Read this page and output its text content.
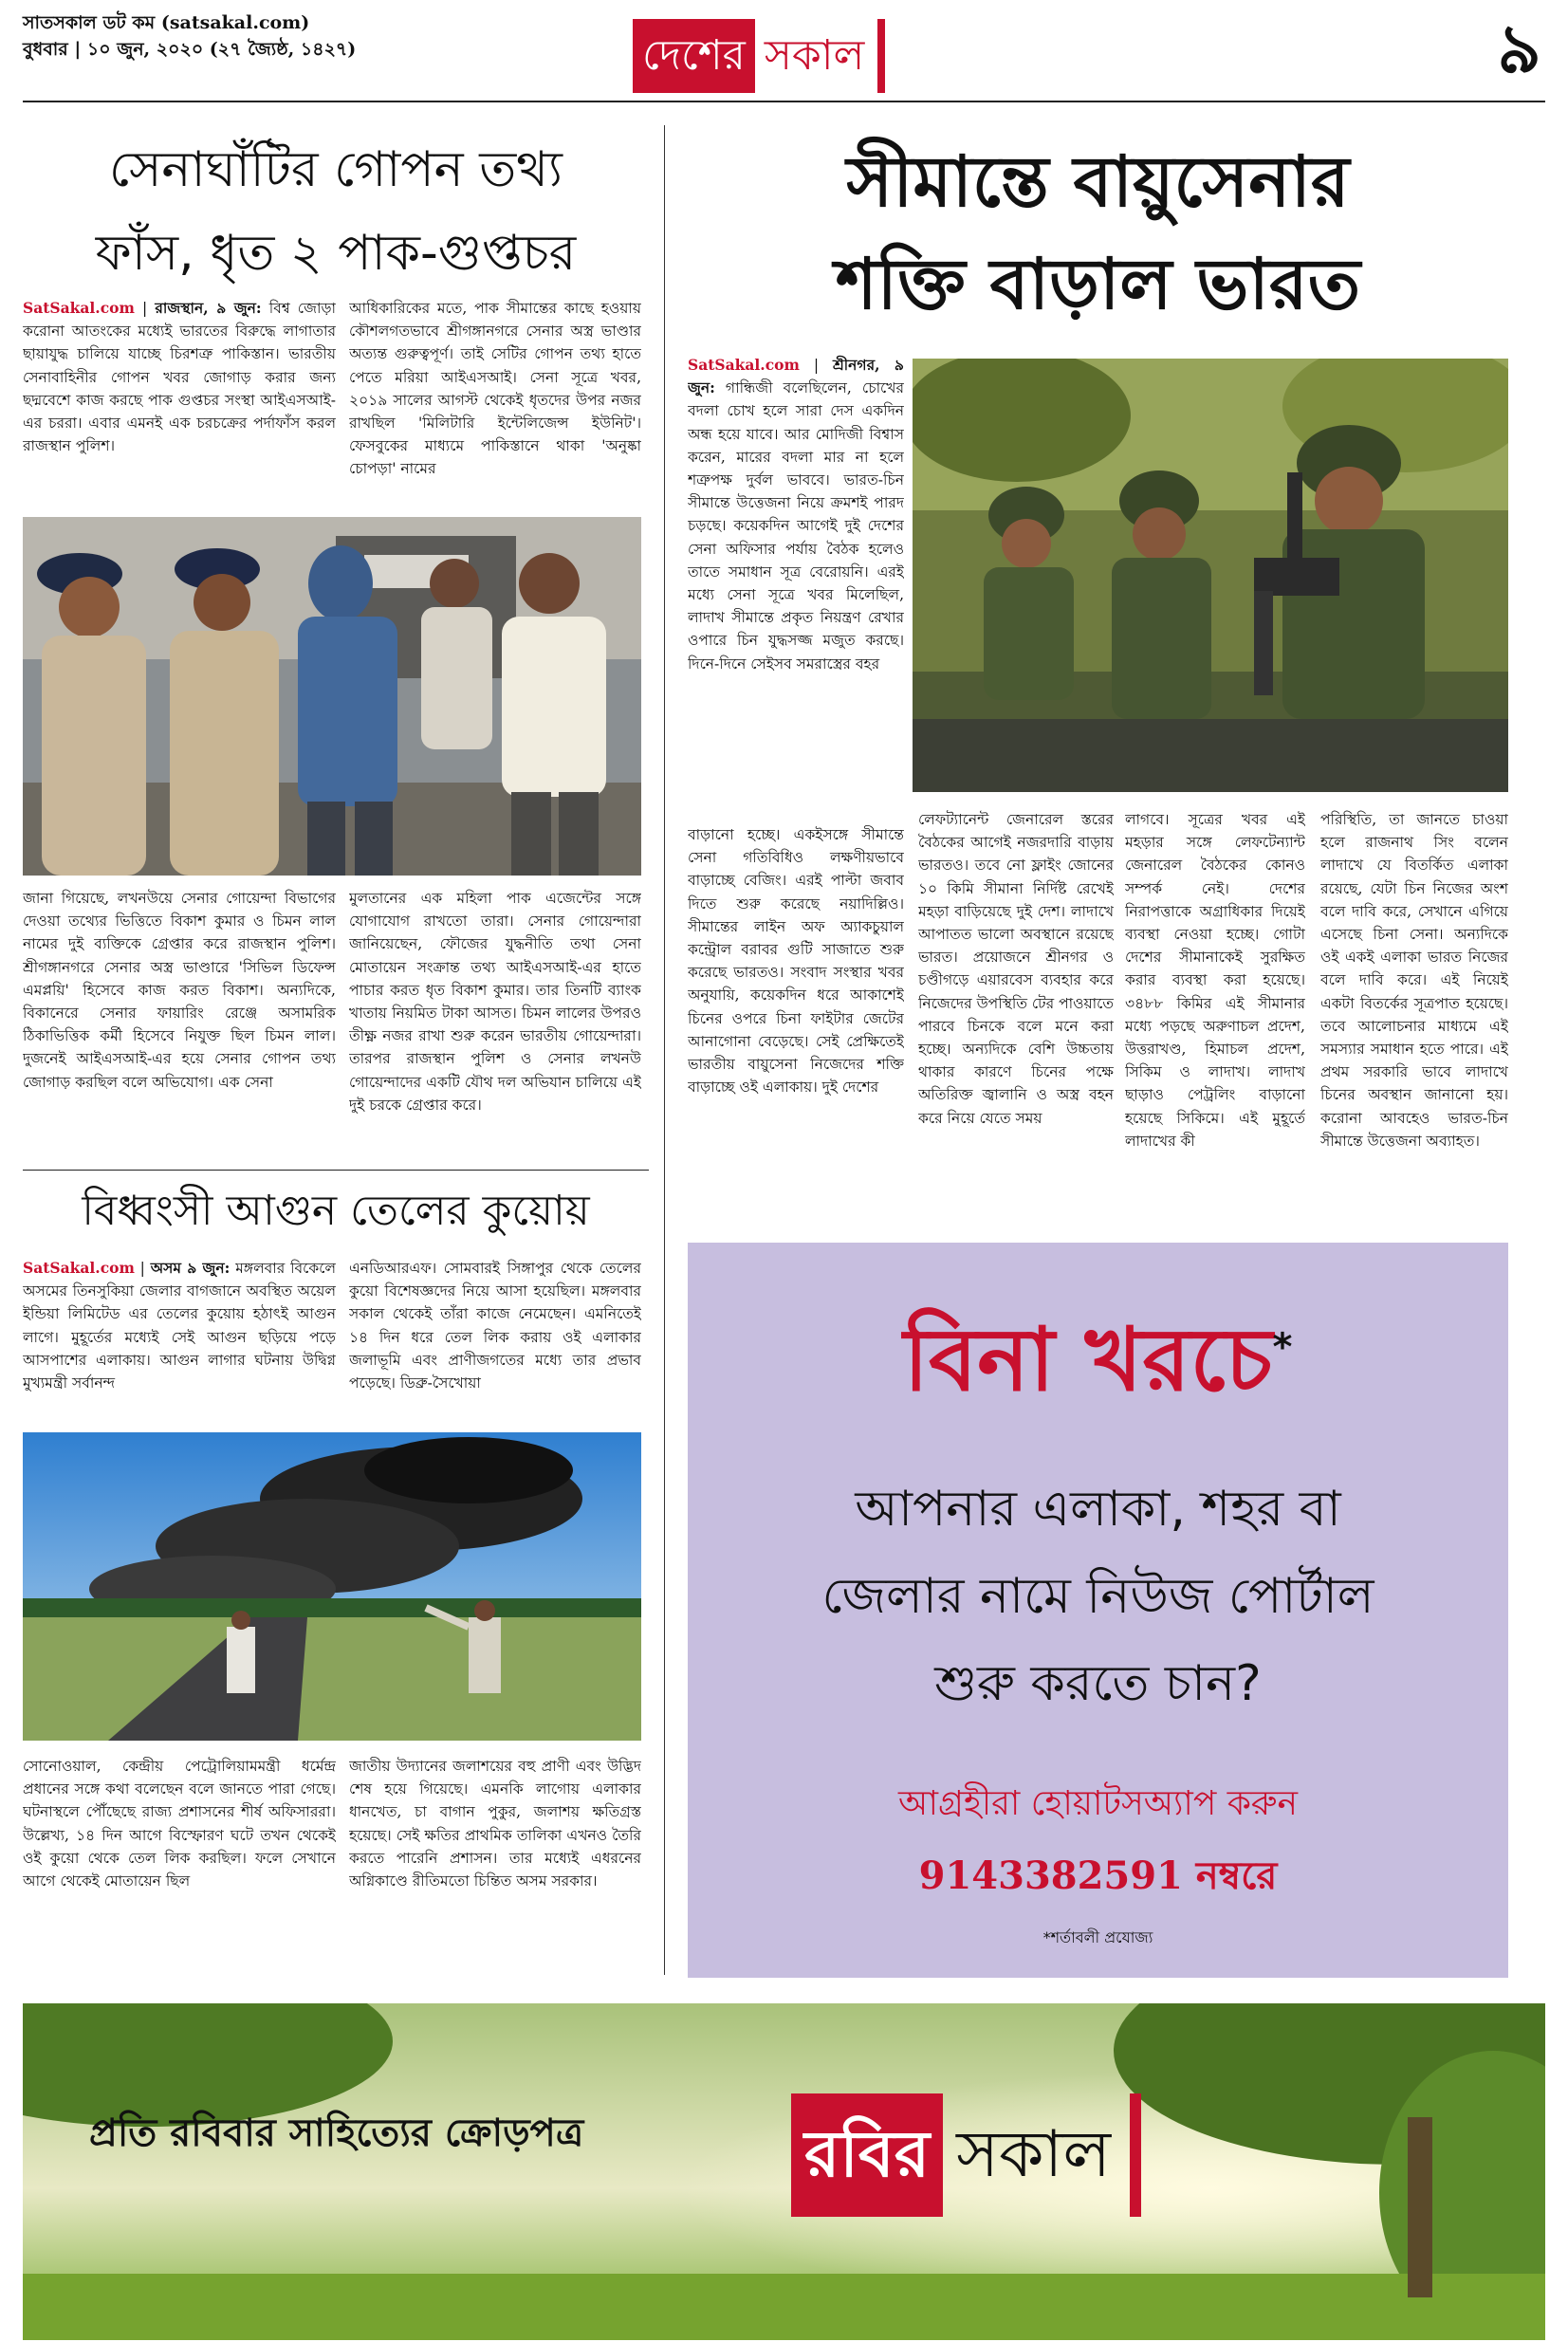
সাতসকাল ডট কম (satsakal.com)
বুধবার | ১০ জুন, ২০২০ (২৭ জ্যৈষ্ঠ, ১৪২৭)	দেশের সকাল	৯
সেনাঘাঁটির গোপন তথ্য
ফাঁস, ধৃত ২ পাক-গুপ্তচর
SatSakal.com | রাজস্থান, ৯ জুন: বিশ্ব জোড়া করোনা আতংকের মধ্যেই ভারতের বিরুদ্ধে লাগাতার ছায়াযুদ্ধ চালিয়ে যাচ্ছে চিরশত্রু পাকিস্তান। ভারতীয় সেনাবাহিনীর গোপন খবর জোগাড় করার জন্য ছদ্মবেশে কাজ করছে পাক গুপ্তচর সংস্থা আইএসআই-এর চররা। এবার এমনই এক চরচক্রের পর্দাফাঁস করল রাজস্থান পুলিশ।
আধিকারিকের মতে, পাক সীমান্তের কাছে হওয়ায় কৌশলগতভাবে শ্রীগঙ্গানগরে সেনার অস্ত্র ভাণ্ডার অত্যন্ত গুরুত্বপূর্ণ। তাই সেটির গোপন তথ্য হাতে পেতে মরিয়া আইএসআই। সেনা সূত্রে খবর, ২০১৯ সালের আগস্ট থেকেই ধৃতদের উপর নজর রাখছিল 'মিলিটারি ইন্টেলিজেন্স ইউনিট'। ফেসবুকের মাধ্যমে পাকিস্তানে থাকা 'অনুষ্কা চোপড়া' নামের
জানা গিয়েছে, লখনউয়ে সেনার গোয়েন্দা বিভাগের দেওয়া তথ্যের ভিত্তিতে বিকাশ কুমার ও চিমন লাল নামের দুই ব্যক্তিকে গ্রেপ্তার করে রাজস্থান পুলিশ। শ্রীগঙ্গানগরে সেনার অস্ত্র ভাণ্ডারে 'সিভিল ডিফেন্স এমপ্লয়ি' হিসেবে কাজ করত বিকাশ। অন্যদিকে, বিকানেরে সেনার ফায়ারিং রেঞ্জে অসামরিক ঠিকাভিত্তিক কর্মী হিসেবে নিযুক্ত ছিল চিমন লাল। দুজনেই আইএসআই-এর হয়ে সেনার গোপন তথ্য জোগাড় করছিল বলে অভিযোগ। এক সেনা
মুলতানের এক মহিলা পাক এজেন্টের সঙ্গে যোগাযোগ রাখতো তারা। সেনার গোয়েন্দারা জানিয়েছেন, ফৌজের যুদ্ধনীতি তথা সেনা মোতায়েন সংক্রান্ত তথ্য আইএসআই-এর হাতে পাচার করত ধৃত বিকাশ কুমার। তার তিনটি ব্যাংক খাতায় নিয়মিত টাকা আসত। চিমন লালের উপরও তীক্ষ্ণ নজর রাখা শুরু করেন ভারতীয় গোয়েন্দারা। তারপর রাজস্থান পুলিশ ও সেনার লখনউ গোয়েন্দাদের একটি যৌথ দল অভিযান চালিয়ে এই দুই চরকে গ্রেপ্তার করে।
বিধ্বংসী আগুন তেলের কুয়োয়
SatSakal.com | অসম ৯ জুন: মঙ্গলবার বিকেলে অসমের তিনসুকিয়া জেলার বাগজানে অবস্থিত অয়েল ইন্ডিয়া লিমিটেড এর তেলের কুয়োয় হঠাৎই আগুন লাগে। মুহূর্তের মধ্যেই সেই আগুন ছড়িয়ে পড়ে আসপাশের এলাকায়। আগুন লাগার ঘটনায় উদ্বিগ্ন মুখ্যমন্ত্রী সর্বানন্দ
এনডিআরএফ। সোমবারই সিঙ্গাপুর থেকে তেলের কুয়ো বিশেষজ্ঞদের নিয়ে আসা হয়েছিল। মঙ্গলবার সকাল থেকেই তাঁরা কাজে নেমেছেন। এমনিতেই ১৪ দিন ধরে তেল লিক করায় ওই এলাকার জলাভূমি এবং প্রাণীজগতের মধ্যে তার প্রভাব পড়েছে। ডিব্রু-সৈখোয়া
সোনোওয়াল, কেন্দ্রীয় পেট্রোলিয়ামমন্ত্রী ধর্মেন্দ্র প্রধানের সঙ্গে কথা বলেছেন বলে জানতে পারা গেছে। ঘটনাস্থলে পৌঁছেছে রাজ্য প্রশাসনের শীর্ষ অফিসাররা। উল্লেখ্য, ১৪ দিন আগে বিস্ফোরণ ঘটে তখন থেকেই ওই কুয়ো থেকে তেল লিক করছিল। ফলে সেখানে আগে থেকেই মোতায়েন ছিল
জাতীয় উদ্যানের জলাশয়ের বহু প্রাণী এবং উদ্ভিদ শেষ হয়ে গিয়েছে। এমনকি লাগোয় এলাকার ধানখেত, চা বাগান পুকুর, জলাশয় ক্ষতিগ্রস্ত হয়েছে। সেই ক্ষতির প্রাথমিক তালিকা এখনও তৈরি করতে পারেনি প্রশাসন। তার মধ্যেই এধরনের অগ্নিকাণ্ডে রীতিমতো চিন্তিত অসম সরকার।
সীমান্তে বায়ুসেনার
শক্তি বাড়াল ভারত
SatSakal.com | শ্রীনগর, ৯ জুন: গান্ধিজী বলেছিলেন, চোখের বদলা চোখ হলে সারা দেস একদিন অন্ধ হয়ে যাবে। আর মোদিজী বিশ্বাস করেন, মারের বদলা মার না হলে শত্রুপক্ষ দুর্বল ভাববে। ভারত-চিন সীমান্তে উত্তেজনা নিয়ে ক্রমশই পারদ চড়ছে। কয়েকদিন আগেই দুই দেশের সেনা অফিসার পর্যায় বৈঠক হলেও তাতে সমাধান সূত্র বেরোয়নি। এরই মধ্যে সেনা সূত্রে খবর মিলেছিল, লাদাখ সীমান্তে প্রকৃত নিয়ন্ত্রণ রেখার ওপারে চিন যুদ্ধসজ্জ মজুত করছে। দিনে-দিনে সেইসব সমরাস্ত্রের বহর
বাড়ানো হচ্ছে। একইসঙ্গে সীমান্তে সেনা গতিবিধিও লক্ষণীয়ভাবে বাড়াচ্ছে বেজিং। এরই পাল্টা জবাব দিতে শুরু করেছে নয়াদিল্লিও। সীমান্তের লাইন অফ অ্যাকচুয়াল কন্ট্রোল বরাবর গুটি সাজাতে শুরু করেছে ভারতও। সংবাদ সংস্থার খবর অনুযায়ি, কয়েকদিন ধরে আকাশেই চিনের ওপরে চিনা ফাইটার জেটের আনাগোনা বেড়েছে। সেই প্রেক্ষিতেই ভারতীয় বায়ুসেনা নিজেদের শক্তি বাড়াচ্ছে ওই এলাকায়। দুই দেশের
লেফট্যানেন্ট জেনারেল স্তরের বৈঠকের আগেই নজরদারি বাড়ায় ভারতও। তবে নো ফ্লাইং জোনের ১০ কিমি সীমানা নির্দিষ্ট রেখেই মহড়া বাড়িয়েছে দুই দেশ। লাদাখে আপাতত ভালো অবস্থানে রয়েছে ভারত। প্রয়োজনে শ্রীনগর ও চণ্ডীগড়ে এয়ারবেস ব্যবহার করে নিজেদের উপস্থিতি টের পাওয়াতে পারবে চিনকে বলে মনে করা হচ্ছে। অন্যদিকে বেশি উচ্চতায় থাকার কারণে চিনের পক্ষে অতিরিক্ত জ্বালানি ও অস্ত্র বহন করে নিয়ে যেতে সময়
লাগবে। সূত্রের খবর এই মহড়ার সঙ্গে লেফটেন্যান্ট জেনারেল বৈঠকের কোনও সম্পর্ক নেই। দেশের নিরাপত্তাকে অগ্রাধিকার দিয়েই ব্যবস্থা নেওয়া হচ্ছে। গোটা দেশের সীমানাকেই সুরক্ষিত করার ব্যবস্থা করা হয়েছে। ৩৪৮৮ কিমির এই সীমানার মধ্যে পড়ছে অরুণাচল প্রদেশ, উত্তরাখণ্ড, হিমাচল প্রদেশ, সিকিম ও লাদাখ। লাদাখ ছাড়াও পেট্রলিং বাড়ানো হয়েছে সিকিমে। এই মুহূর্তে লাদাখের কী
পরিস্থিতি, তা জানতে চাওয়া হলে রাজনাথ সিং বলেন লাদাখে যে বিতর্কিত এলাকা রয়েছে, যেটা চিন নিজের অংশ বলে দাবি করে, সেখানে এগিয়ে এসেছে চিনা সেনা। অন্যদিকে ওই একই এলাকা ভারত নিজের বলে দাবি করে। এই নিয়েই একটা বিতর্কের সূত্রপাত হয়েছে। তবে আলোচনার মাধ্যমে এই সমস্যার সমাধান হতে পারে। এই প্রথম সরকারি ভাবে লাদাখে চিনের অবস্থান জানানো হয়। করোনা আবহেও ভারত-চিন সীমান্তে উত্তেজনা অব্যাহত।
বিনা খরচে*
আপনার এলাকা, শহর বা
জেলার নামে নিউজ পোর্টাল
শুরু করতে চান?
আগ্রহীরা হোয়াটসঅ্যাপ করুন
9143382591 নম্বরে
*শর্তাবলী প্রযোজ্য
প্রতি রবিবার সাহিত্যের ক্রোড়পত্র	রবির সকাল
